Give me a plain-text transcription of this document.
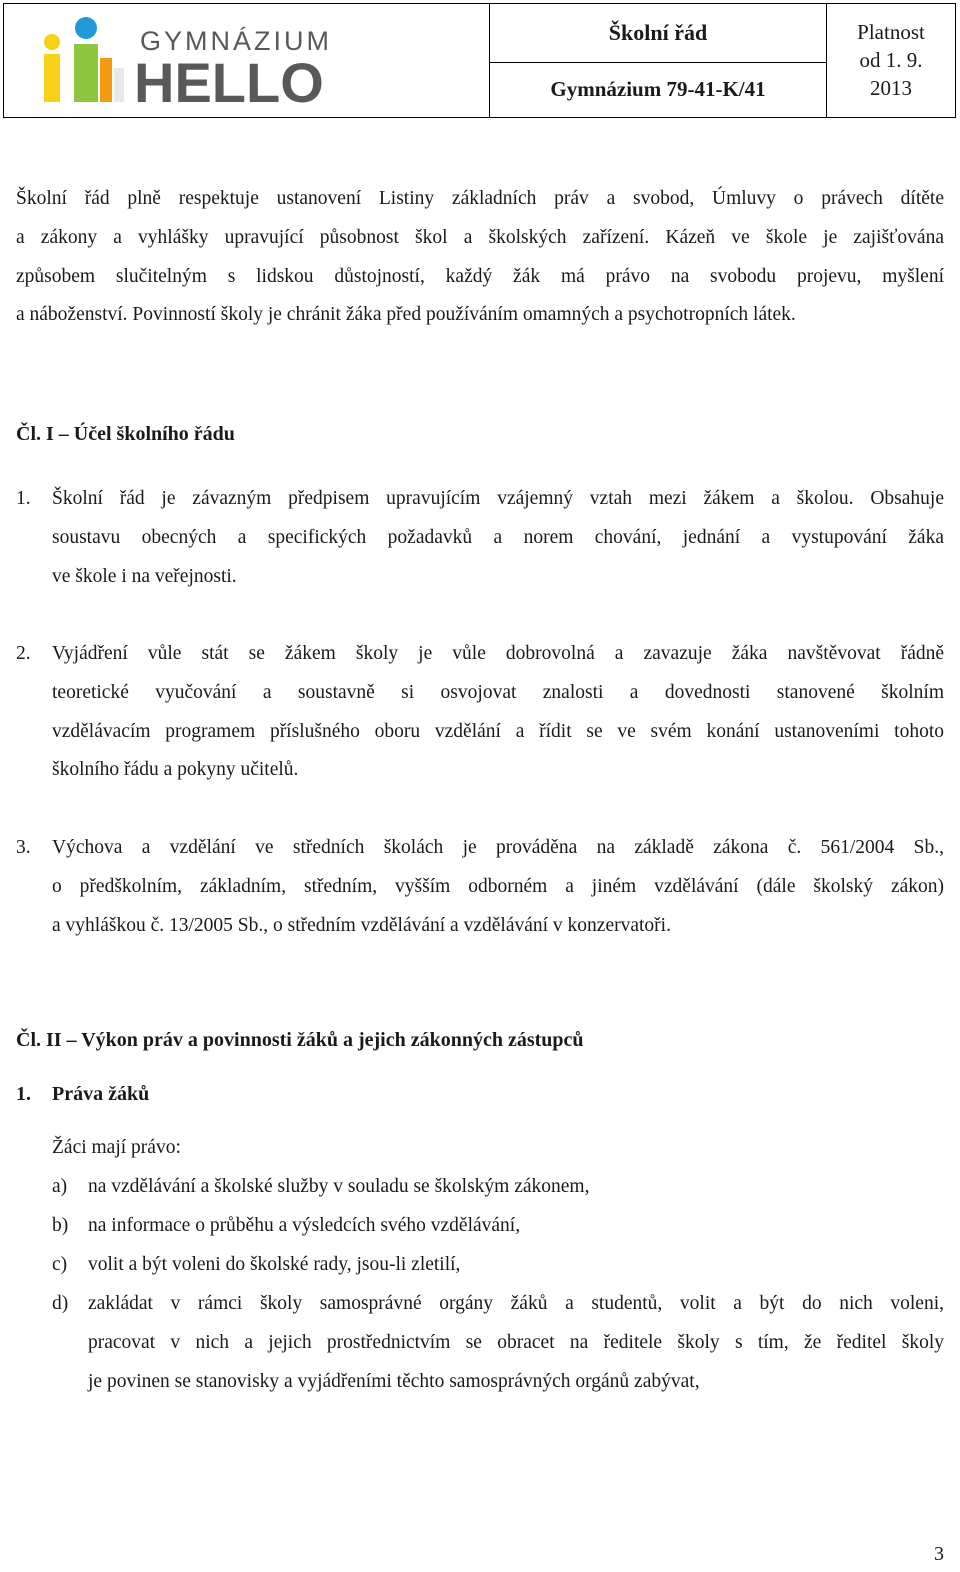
GYMNÁZIUM
HELLO
Školní řád
Gymnázium 79-41-K/41
Platnost
od 1. 9.
2013
Školní řád plně respektuje ustanovení Listiny základních práv a svobod, Úmluvy o právech dítěte
a zákony a vyhlášky upravující působnost škol a školských zařízení. Kázeň ve škole je zajišťována
způsobem slučitelným s lidskou důstojností, každý žák má právo na svobodu projevu, myšlení
a náboženství. Povinností školy je chránit žáka před používáním omamných a psychotropních látek.
Čl. I – Účel školního řádu
1. Školní řád je závazným předpisem upravujícím vzájemný vztah mezi žákem a školou. Obsahuje
soustavu obecných a specifických požadavků a norem chování, jednání a vystupování žáka
ve škole i na veřejnosti.
2. Vyjádření vůle stát se žákem školy je vůle dobrovolná a zavazuje žáka navštěvovat řádně
teoretické vyučování a soustavně si osvojovat znalosti a dovednosti stanovené školním
vzdělávacím programem příslušného oboru vzdělání a řídit se ve svém konání ustanoveními tohoto
školního řádu a pokyny učitelů.
3. Výchova a vzdělání ve středních školách je prováděna na základě zákona č. 561/2004 Sb.,
o předškolním, základním, středním, vyšším odborném a jiném vzdělávání (dále školský zákon)
a vyhláškou č. 13/2005 Sb., o středním vzdělávání a vzdělávání v konzervatoři.
Čl. II – Výkon práv a povinnosti žáků a jejich zákonných zástupců
1. Práva žáků
Žáci mají právo:
a) na vzdělávání a školské služby v souladu se školským zákonem,
b) na informace o průběhu a výsledcích svého vzdělávání,
c) volit a být voleni do školské rady, jsou-li zletilí,
d) zakládat v rámci školy samosprávné orgány žáků a studentů, volit a být do nich voleni,
pracovat v nich a jejich prostřednictvím se obracet na ředitele školy s tím, že ředitel školy
je povinen se stanovisky a vyjádřeními těchto samosprávných orgánů zabývat,
3
